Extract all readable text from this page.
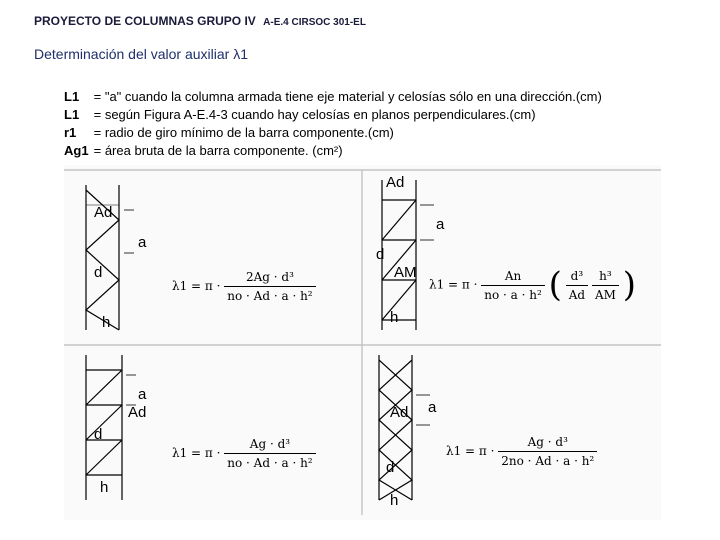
PROYECTO DE COLUMNAS GRUPO IV A-E.4 CIRSOC 301-EL
Determinación del valor auxiliar λ1
L1 = "a" cuando la columna armada tiene eje material y celosías sólo en una dirección.(cm)
L1 = según Figura A-E.4-3 cuando hay celosías en planos perpendiculares.(cm)
r1 = radio de giro mínimo de la barra componente.(cm)
Ag1 = área bruta de la barra componente. (cm²)
Ad
a
d
h
$\lambda 1 = \pi \cdot \frac{\text{2Ag · d³}}{\text{no · Ad · a · h²}}$
Ad
a
d
AM
h
$\lambda 1 = \pi \cdot \frac{An}{\text{no · a · h²}}$ ( $\frac{\text{d³}}{Ad}$
$\frac{\text{h³}}{AM}$ )
a
Ad
d
h
$\lambda 1 = \pi \cdot \frac{\text{Ag · d³}}{\text{no · Ad · a · h²}}$
Ad a
d
h
$\lambda 1 = \pi \cdot \frac{\text{Ag · d³}}{\text{2no · Ad · a · h²}}$
